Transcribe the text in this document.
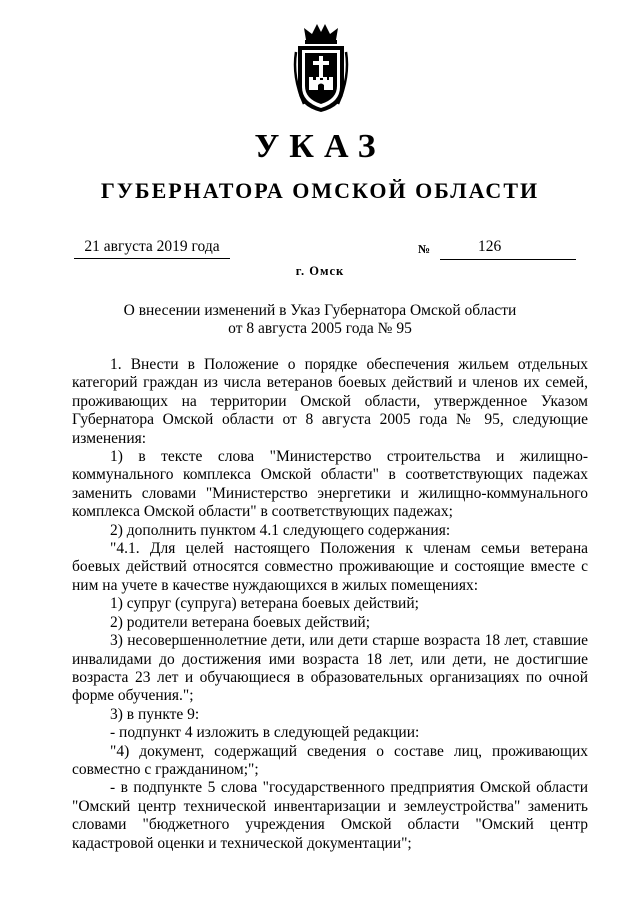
УКАЗ
ГУБЕРНАТОРА ОМСКОЙ ОБЛАСТИ
21 августа 2019 года	№	126
г. Омск
О внесении изменений в Указ Губернатора Омской области
от 8 августа 2005 года № 95

1. Внести в Положение о порядке обеспечения жильем отдельных категорий граждан из числа ветеранов боевых действий и членов их семей, проживающих на территории Омской области, утвержденное Указом Губернатора Омской области от 8 августа 2005 года № 95, следующие изменения:

1) в тексте слова "Министерство строительства и жилищно-коммунального комплекса Омской области" в соответствующих падежах заменить словами "Министерство энергетики и жилищно-коммунального комплекса Омской области" в соответствующих падежах;

2) дополнить пунктом 4.1 следующего содержания:

"4.1. Для целей настоящего Положения к членам семьи ветерана боевых действий относятся совместно проживающие и состоящие вместе с ним на учете в качестве нуждающихся в жилых помещениях:

1) супруг (супруга) ветерана боевых действий;

2) родители ветерана боевых действий;

3) несовершеннолетние дети, или дети старше возраста 18 лет, ставшие инвалидами до достижения ими возраста 18 лет, или дети, не достигшие возраста 23 лет и обучающиеся в образовательных организациях по очной форме обучения.";

3) в пункте 9:

- подпункт 4 изложить в следующей редакции:

"4) документ, содержащий сведения о составе лиц, проживающих совместно с гражданином;";

- в подпункте 5 слова "государственного предприятия Омской области "Омский центр технической инвентаризации и землеустройства" заменить словами "бюджетного учреждения Омской области "Омский центр кадастровой оценки и технической документации";
